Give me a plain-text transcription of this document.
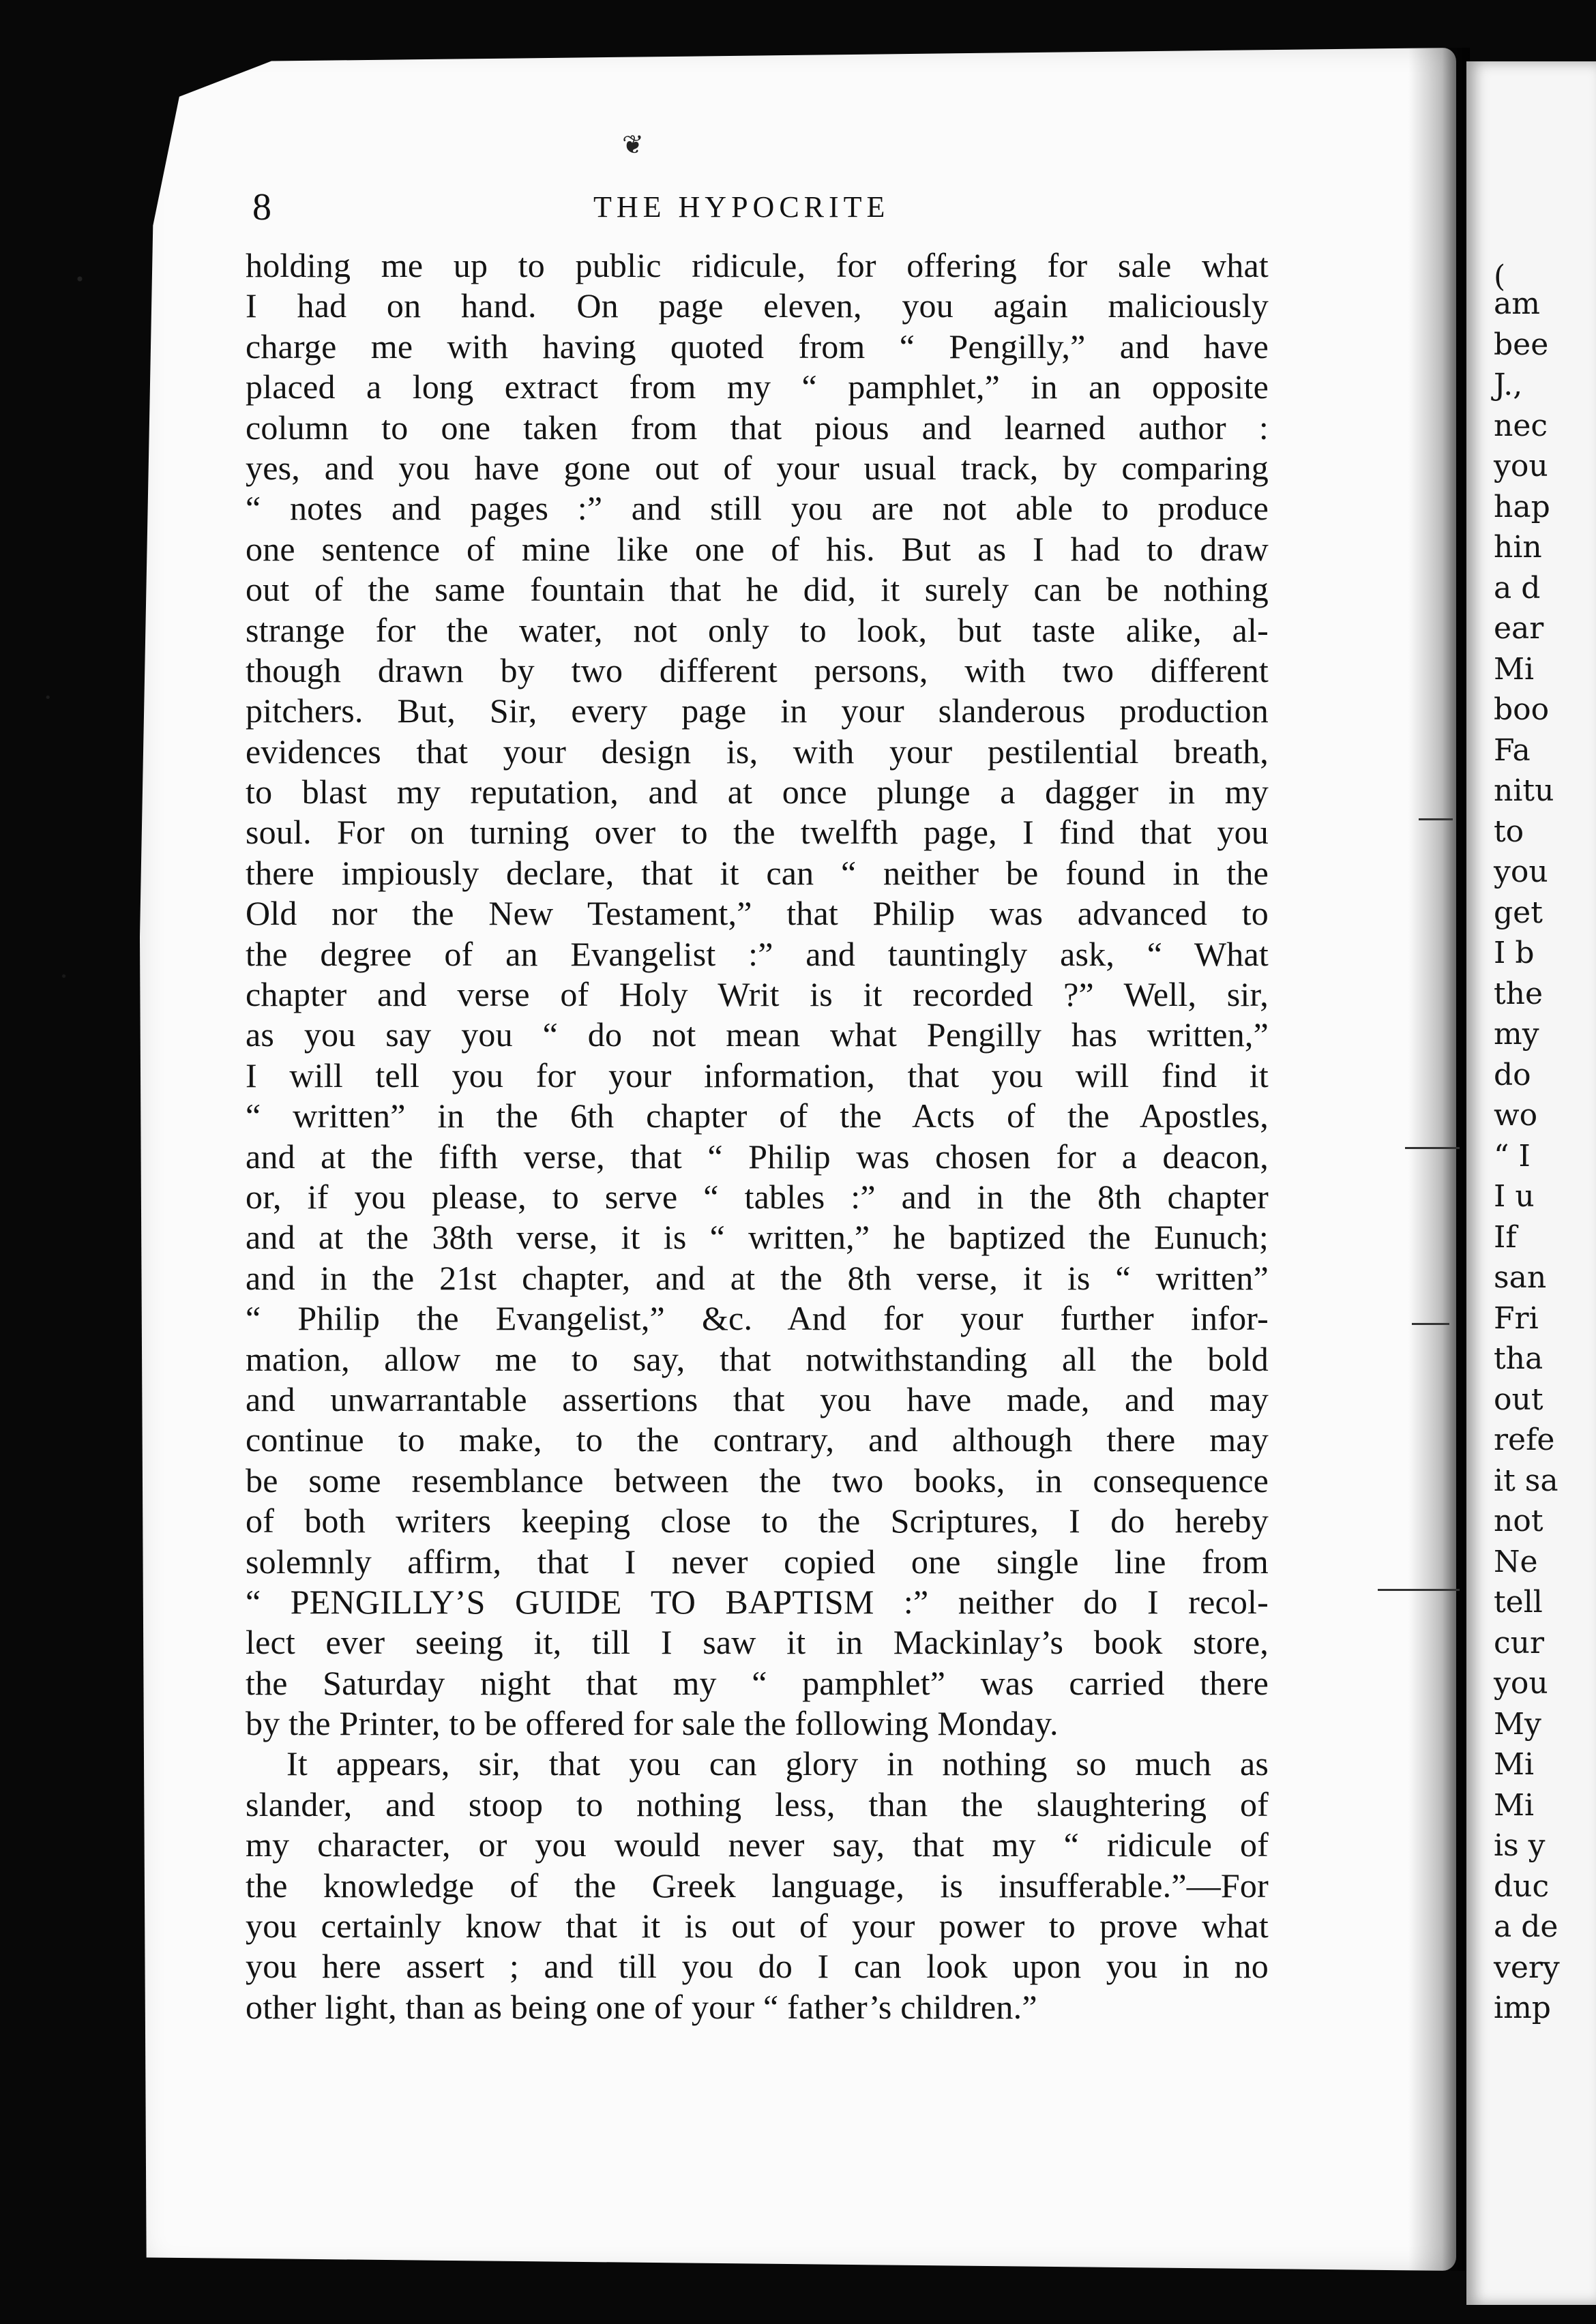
(
am
bee
J.,
nec
you
hap
hin
a d
ear
Mi
boo
Fa
nitu
to
you
get
I b
the
my
do
wo
“ I
I u
If
san
Fri
tha
out
refe
it sa
not
Ne
tell
cur
you
My
Mi
Mi
is y
duc
a de
very
imp
❦
8	THE HYPOCRITE
holding me up to public ridicule, for offering for sale what
I had on hand. On page eleven, you again maliciously
charge me with having quoted from “ Pengilly,” and have
placed a long extract from my “ pamphlet,” in an opposite
column to one taken from that pious and learned author :
yes, and you have gone out of your usual track, by comparing
“ notes and pages :” and still you are not able to produce
one sentence of mine like one of his. But as I had to draw
out of the same fountain that he did, it surely can be nothing
strange for the water, not only to look, but taste alike, al-
though drawn by two different persons, with two different
pitchers. But, Sir, every page in your slanderous production
evidences that your design is, with your pestilential breath,
to blast my reputation, and at once plunge a dagger in my
soul. For on turning over to the twelfth page, I find that you
there impiously declare, that it can “ neither be found in the
Old nor the New Testament,” that Philip was advanced to
the degree of an Evangelist :” and tauntingly ask, “ What
chapter and verse of Holy Writ is it recorded ?” Well, sir,
as you say you “ do not mean what Pengilly has written,”
I will tell you for your information, that you will find it
“ written” in the 6th chapter of the Acts of the Apostles,
and at the fifth verse, that “ Philip was chosen for a deacon,
or, if you please, to serve “ tables :” and in the 8th chapter
and at the 38th verse, it is “ written,” he baptized the Eunuch;
and in the 21st chapter, and at the 8th verse, it is “ written”
“ Philip the Evangelist,” &c. And for your further infor-
mation, allow me to say, that notwithstanding all the bold
and unwarrantable assertions that you have made, and may
continue to make, to the contrary, and although there may
be some resemblance between the two books, in consequence
of both writers keeping close to the Scriptures, I do hereby
solemnly affirm, that I never copied one single line from
“ PENGILLY’S GUIDE TO BAPTISM :” neither do I recol-
lect ever seeing it, till I saw it in Mackinlay’s book store,
the Saturday night that my “ pamphlet” was carried there
by the Printer, to be offered for sale the following Monday.
It appears, sir, that you can glory in nothing so much as
slander, and stoop to nothing less, than the slaughtering of
my character, or you would never say, that my “ ridicule of
the knowledge of the Greek language, is insufferable.”—For
you certainly know that it is out of your power to prove what
you here assert ; and till you do I can look upon you in no
other light, than as being one of your “ father’s children.”
